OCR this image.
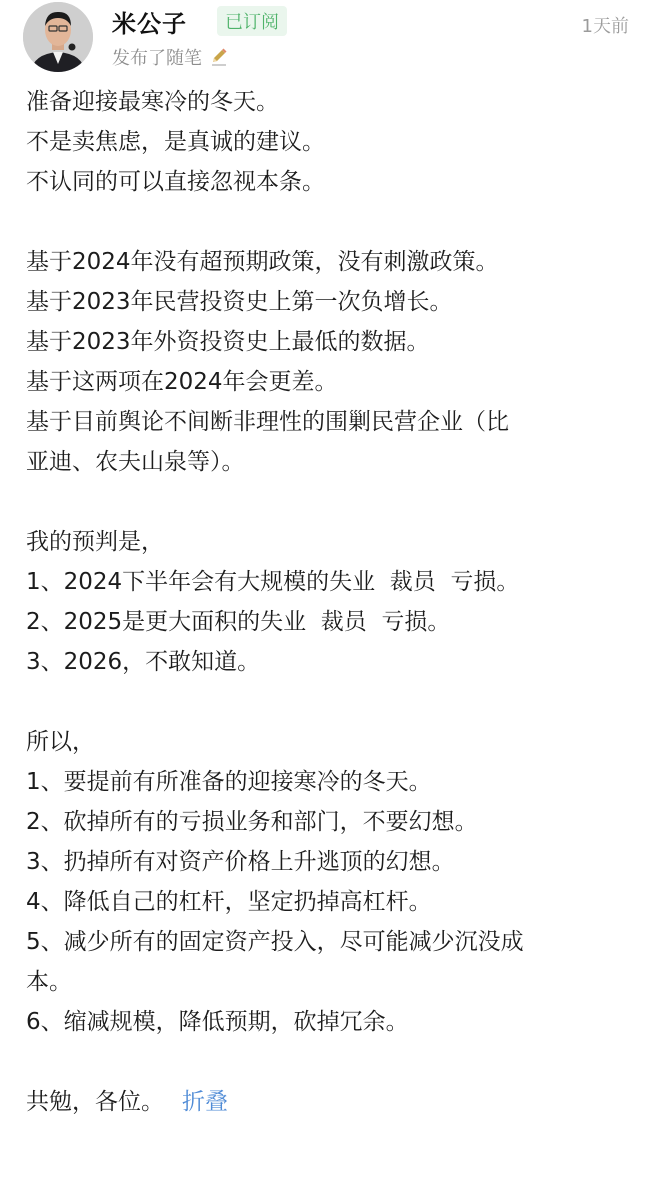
米公子	已订阅	1天前
发布了随笔
准备迎接最寒冷的冬天。
不是卖焦虑，是真诚的建议。
不认同的可以直接忽视本条。
基于2024年没有超预期政策，没有刺激政策。
基于2023年民营投资史上第一次负增长。
基于2023年外资投资史上最低的数据。
基于这两项在2024年会更差。
基于目前舆论不间断非理性的围剿民营企业（比
亚迪、农夫山泉等）。
我的预判是，
1、2024下半年会有大规模的失业  裁员  亏损。
2、2025是更大面积的失业  裁员  亏损。
3、2026，不敢知道。
所以，
1、要提前有所准备的迎接寒冷的冬天。
2、砍掉所有的亏损业务和部门，不要幻想。
3、扔掉所有对资产价格上升逃顶的幻想。
4、降低自己的杠杆，坚定扔掉高杠杆。
5、减少所有的固定资产投入，尽可能减少沉没成
本。
6、缩减规模，降低预期，砍掉冗余。
共勉，各位。 折叠
